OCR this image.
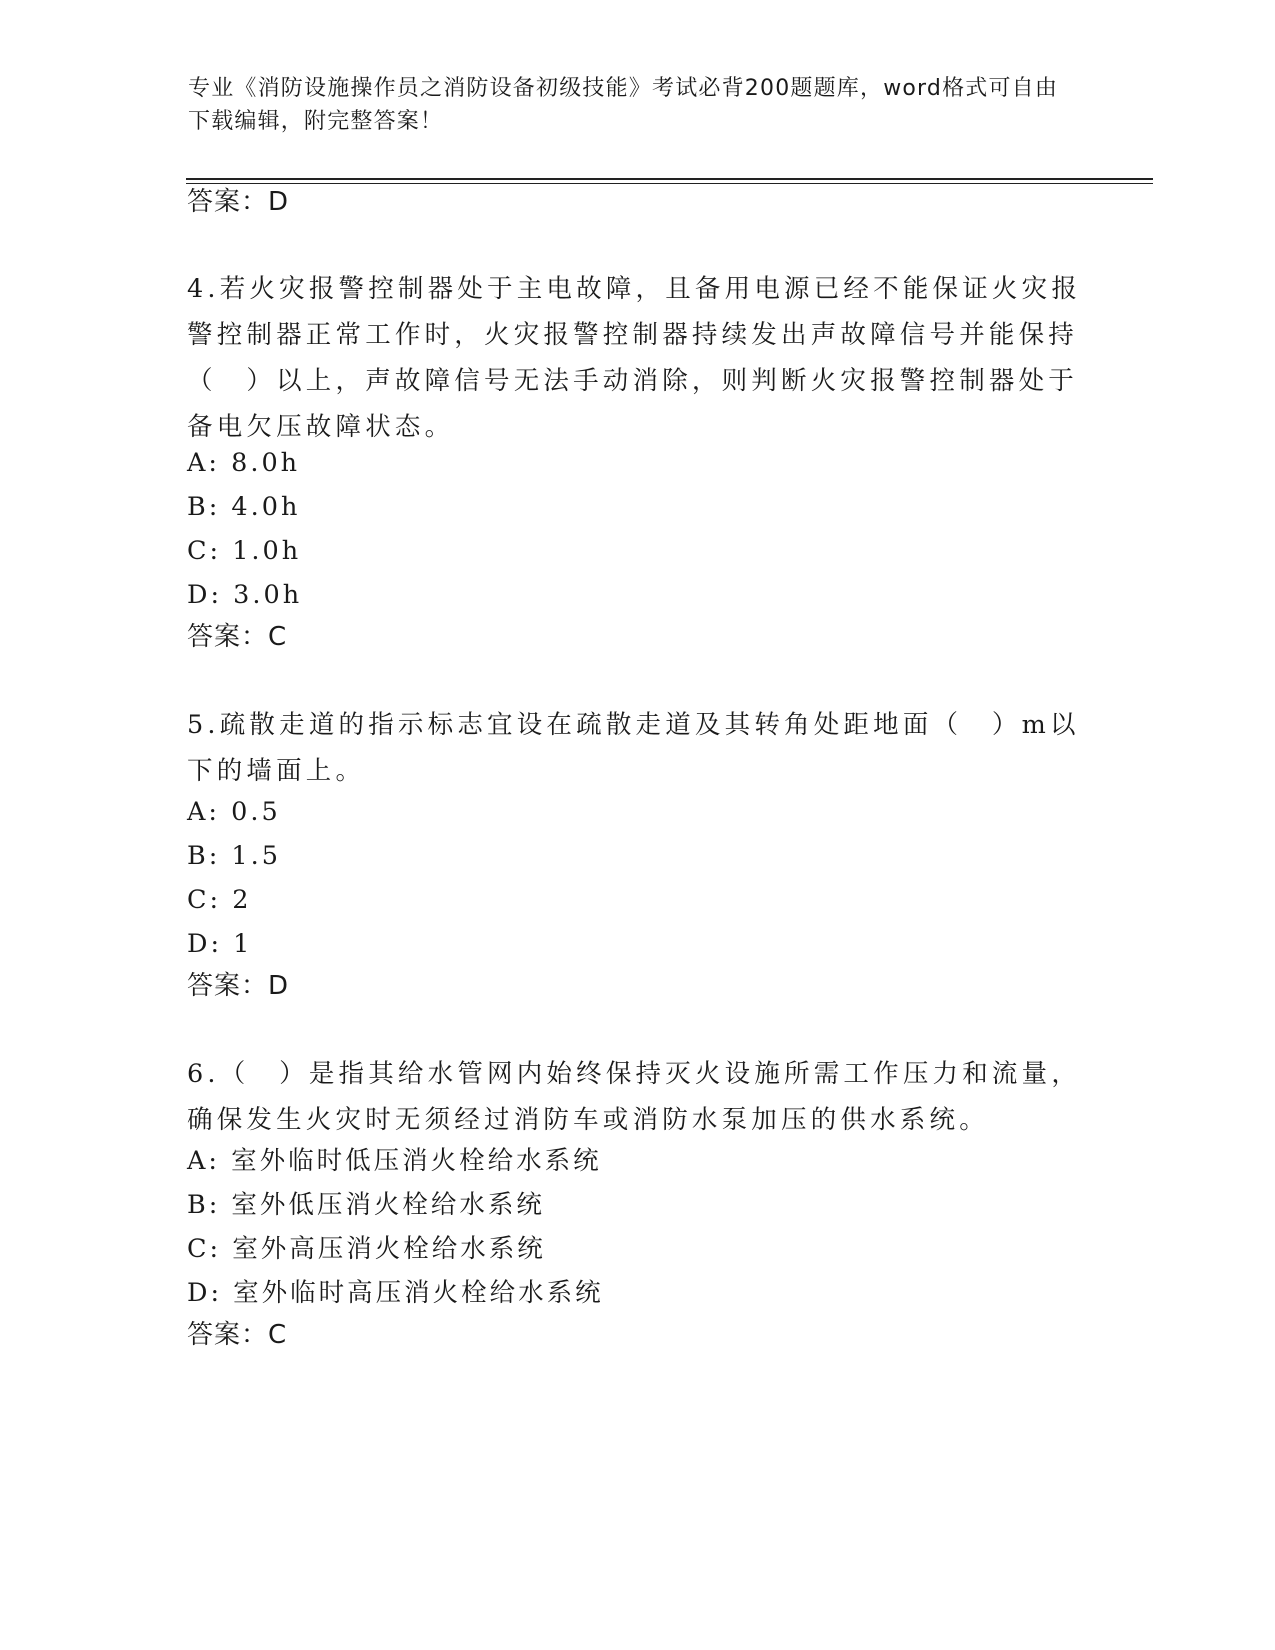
专业《消防设施操作员之消防设备初级技能》考试必背200题题库，word格式可自由下载编辑，附完整答案！
答案：D
4.若火灾报警控制器处于主电故障，且备用电源已经不能保证火灾报警控制器正常工作时，火灾报警控制器持续发出声故障信号并能保持（　）以上，声故障信号无法手动消除，则判断火灾报警控制器处于备电欠压故障状态。
A: 8.0h
B: 4.0h
C: 1.0h
D: 3.0h
答案：C
5.疏散走道的指示标志宜设在疏散走道及其转角处距地面（　）m以下的墙面上。
A: 0.5
B: 1.5
C: 2
D: 1
答案：D
6.（　）是指其给水管网内始终保持灭火设施所需工作压力和流量，确保发生火灾时无须经过消防车或消防水泵加压的供水系统。
A: 室外临时低压消火栓给水系统
B: 室外低压消火栓给水系统
C: 室外高压消火栓给水系统
D: 室外临时高压消火栓给水系统
答案：C
